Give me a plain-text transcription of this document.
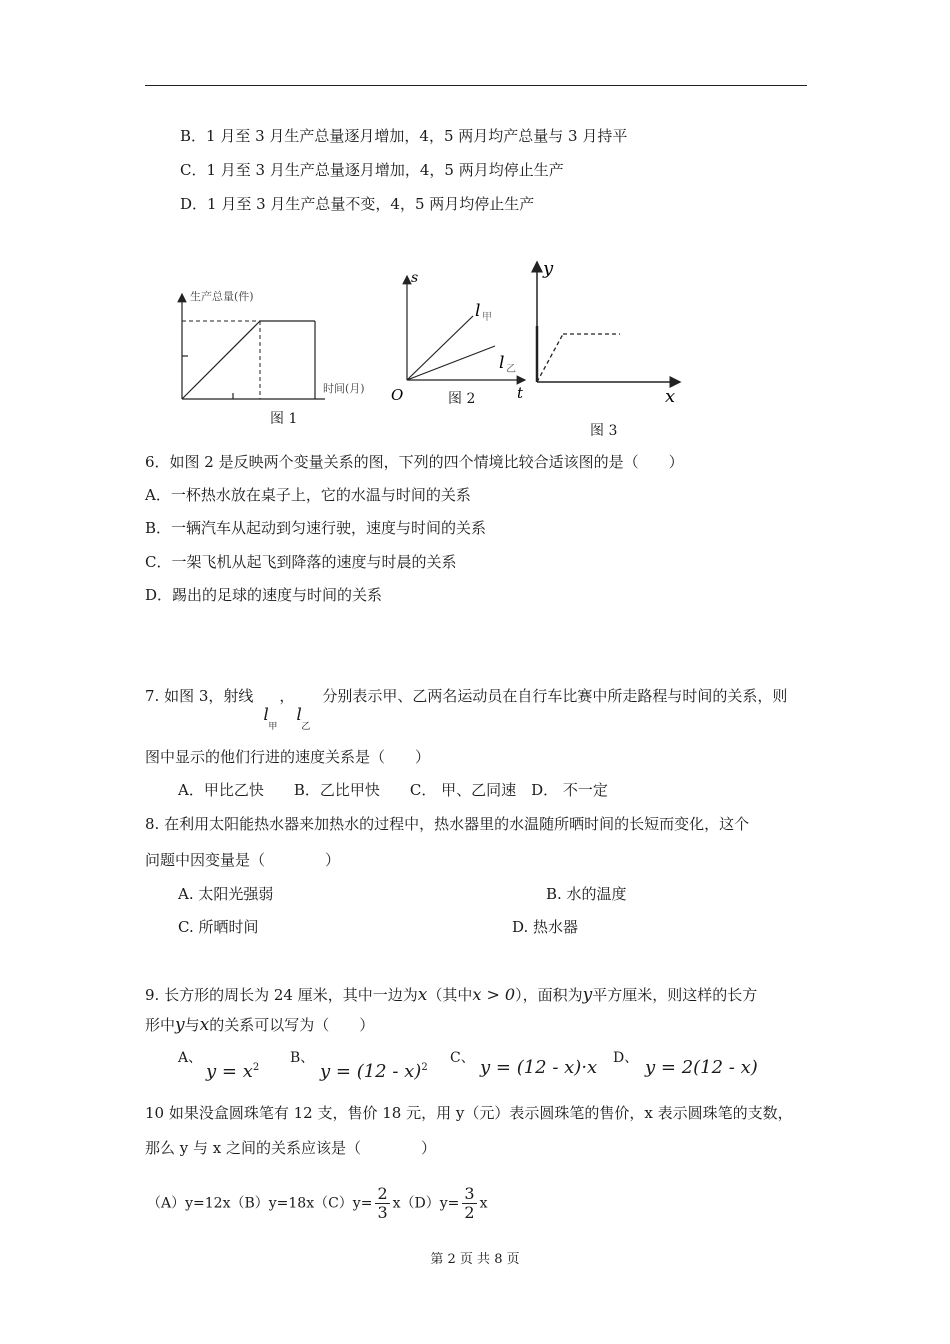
B．1 月至 3 月生产总量逐月增加，4，5 两月均产总量与 3 月持平
C．1 月至 3 月生产总量逐月增加，4，5 两月均停止生产
D．1 月至 3 月生产总量不变，4，5 两月均停止生产
生产总量(件)
时间(月)
图 1
s
O	t
l 甲
l 乙
图 2
y
x
图 3
6．如图 2 是反映两个变量关系的图，下列的四个情境比较合适该图的是（　　）
A．一杯热水放在桌子上，它的水温与时间的关系
B．一辆汽车从起动到匀速行驶，速度与时间的关系
C．一架飞机从起飞到降落的速度与时晨的关系
D．踢出的足球的速度与时间的关系
7. 如图 3，射线
l
甲
，
l
乙
分别表示甲、乙两名运动员在自行车比赛中所走路程与时间的关系，则
图中显示的他们行进的速度关系是（　　）
A．甲比乙快　　B．乙比甲快　　C． 甲、乙同速　D． 不一定
8. 在利用太阳能热水器来加热水的过程中，热水器里的水温随所晒时间的长短而变化，这个
问题中因变量是（　　　　）
A. 太阳光强弱	B. 水的温度
C. 所晒时间	D. 热水器
9. 长方形的周长为 24 厘米，其中一边为x（其中x > 0），面积为y平方厘米，则这样的长方
形中y与x的关系可以写为（　　）
A、
$y = x^2$
B、
y = (12 - x)$^2$
C、 y = (12 - x)·x D、 y = 2(12 - x)
10 如果没盒圆珠笔有 12 支，售价 18 元，用 y（元）表示圆珠笔的售价，x 表示圆珠笔的支数，
那么 y 与 x 之间的关系应该是（　　　　）
$(A)y=12x(B)y=18x(C)y= \frac{2}{3} x(D)y= \frac{3}{2}$ x
第 2 页 共 8 页
